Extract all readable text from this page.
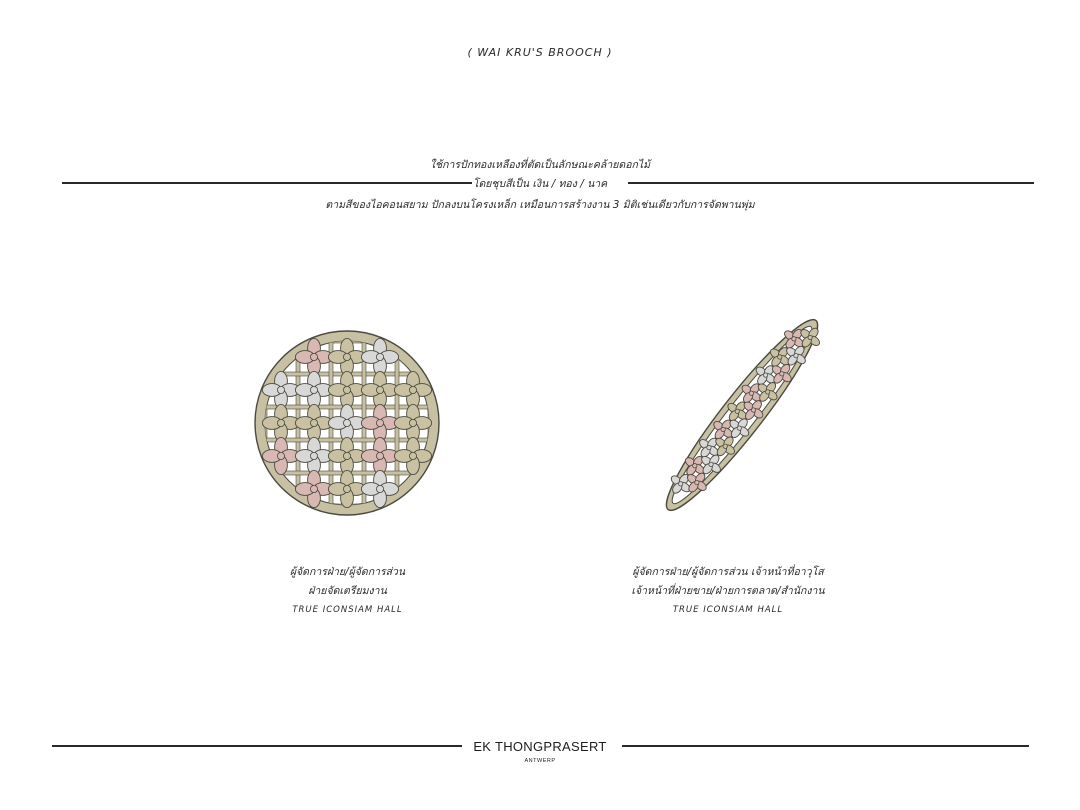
( WAI KRU'S BROOCH )
ใช้การปักทองเหลืองที่ตัดเป็นลักษณะคล้ายดอกไม้
โดยชุบสีเป็น เงิน / ทอง / นาค
ตามสีของไอคอนสยาม ปักลงบนโครงเหล็ก เหมือนการสร้างงาน 3 มิติเช่นเดียวกับการจัดพานพุ่ม
ผู้จัดการฝ่าย/ผู้จัดการส่วน
ฝ่ายจัดเตรียมงาน
TRUE ICONSIAM HALL
ผู้จัดการฝ่าย/ผู้จัดการส่วน เจ้าหน้าที่อาวุโส
เจ้าหน้าที่ฝ่ายขาย/ฝ่ายการตลาด/สำนักงาน
TRUE ICONSIAM HALL
EK THONGPRASERT
ANTWERP
